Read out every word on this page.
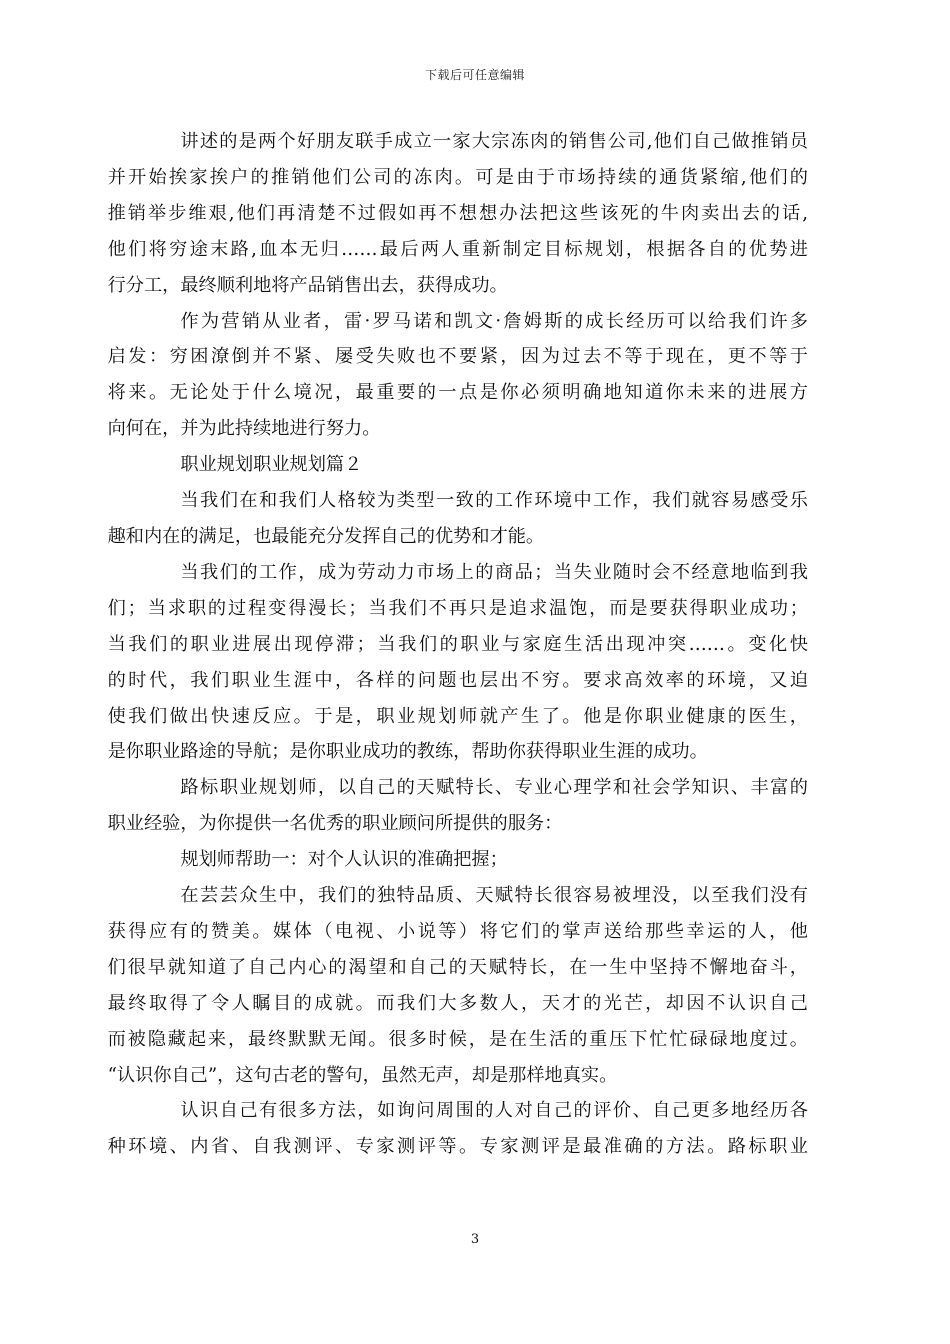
下载后可任意编辑
讲述的是两个好朋友联手成立一家大宗冻肉的销售公司,他们自己做推销员
并开始挨家挨户的推销他们公司的冻肉。可是由于市场持续的通货紧缩,他们的
推销举步维艰,他们再清楚不过假如再不想想办法把这些该死的牛肉卖出去的话,
他们将穷途末路,血本无归……最后两人重新制定目标规划，根据各自的优势进
行分工，最终顺利地将产品销售出去，获得成功。
作为营销从业者，雷·罗马诺和凯文·詹姆斯的成长经历可以给我们许多
启发：穷困潦倒并不紧、屡受失败也不要紧，因为过去不等于现在，更不等于
将来。无论处于什么境况，最重要的一点是你必须明确地知道你未来的进展方
向何在，并为此持续地进行努力。
职业规划职业规划篇２
当我们在和我们人格较为类型一致的工作环境中工作，我们就容易感受乐
趣和内在的满足，也最能充分发挥自己的优势和才能。
当我们的工作，成为劳动力市场上的商品；当失业随时会不经意地临到我
们；当求职的过程变得漫长；当我们不再只是追求温饱，而是要获得职业成功；
当我们的职业进展出现停滞；当我们的职业与家庭生活出现冲突……。变化快
的时代，我们职业生涯中，各样的问题也层出不穷。要求高效率的环境，又迫
使我们做出快速反应。于是，职业规划师就产生了。他是你职业健康的医生，
是你职业路途的导航；是你职业成功的教练，帮助你获得职业生涯的成功。
路标职业规划师，以自己的天赋特长、专业心理学和社会学知识、丰富的
职业经验，为你提供一名优秀的职业顾问所提供的服务：
规划师帮助一：对个人认识的准确把握；
在芸芸众生中，我们的独特品质、天赋特长很容易被埋没，以至我们没有
获得应有的赞美。媒体（电视、小说等）将它们的掌声送给那些幸运的人，他
们很早就知道了自己内心的渴望和自己的天赋特长，在一生中坚持不懈地奋斗，
最终取得了令人瞩目的成就。而我们大多数人，天才的光芒，却因不认识自己
而被隐藏起来，最终默默无闻。很多时候，是在生活的重压下忙忙碌碌地度过。
“认识你自己”，这句古老的警句，虽然无声，却是那样地真实。
认识自己有很多方法，如询问周围的人对自己的评价、自己更多地经历各
种环境、内省、自我测评、专家测评等。专家测评是最准确的方法。路标职业
3
